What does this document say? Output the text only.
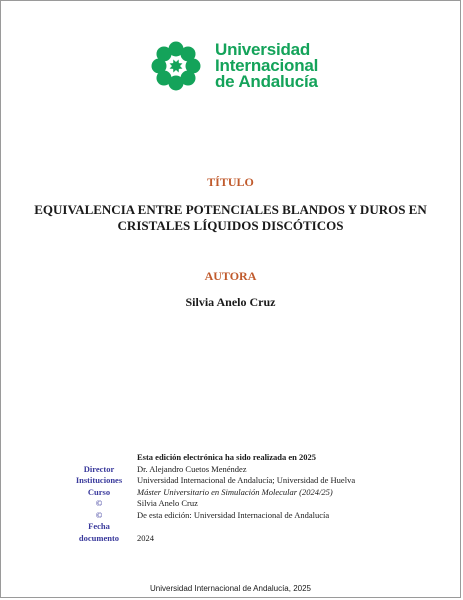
Universidad
Internacional
de Andalucía
TÍTULO
EQUIVALENCIA ENTRE POTENCIALES BLANDOS Y DUROS EN
CRISTALES LÍQUIDOS DISCÓTICOS
AUTORA
Silvia Anelo Cruz
Esta edición electrónica ha sido realizada en 2025
Director	Dr. Alejandro Cuetos Menéndez
Instituciones	Universidad Internacional de Andalucía; Universidad de Huelva
Curso	Máster Universitario en Simulación Molecular (2024/25)
©	Silvia Anelo Cruz
©	De esta edición: Universidad Internacional de Andalucía
Fecha
documento	2024
Universidad Internacional de Andalucía, 2025
